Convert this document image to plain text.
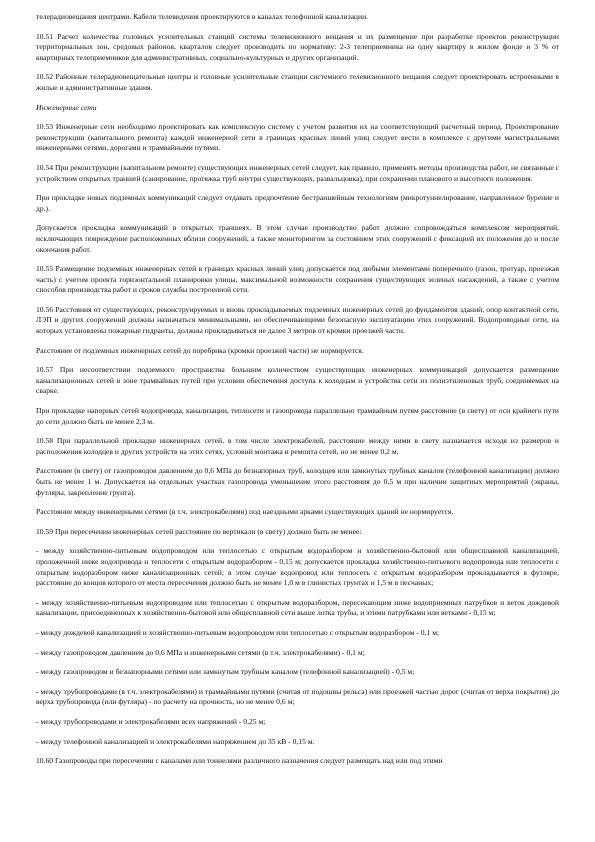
телерадиовещания центрами. Кабели телевидения проектируются в каналах телефонной канализации.

10.51 Расчет количества головных усилительных станций системы телевизионного вещания и их размещение при разработке проектов реконструкции территориальных зон, средовых районов, кварталов следует производить по нормативу: 2-3 телеприемника на одну квартиру в жилом фонде и 3 % от квартирных телеприемников для административных, социально-культурных и других организаций.

10.52 Районные телерадиовещательные центры и головные усилительные станции системного телевизионного вещания следует проектировать встроенными в жилые и административные здания.

Инженерные сети

10.53 Инженерные сети необходимо проектировать как комплексную систему с учетом развития их на соответствующий расчетный период. Проектирование реконструкции (капитального ремонта) каждой инженерной сети в границах красных линий улиц следует вести в комплексе с другими магистральными инженерными сетями, дорогами и трамвайными путями.

10.54 При реконструкции (капитальном ремонте) существующих инженерных сетей следует, как правило, применять методы производства работ, не связанные с устройством открытых траншей (санирование, протяжка труб внутри существующих, развальцовка), при сохранении планового и высотного положения.

При прокладке новых подземных коммуникаций следует отдавать предпочтение бестраншейным технологиям (микротуннелирование, направленное бурение и др.).

Допускается прокладка коммуникаций в открытых траншеях. В этом случае производство работ должно сопровождаться комплексом мероприятий, исключающих повреждение расположенных вблизи сооружений, а также мониторингом за состоянием этих сооружений с фиксацией их положения до и после окончания работ.

10.55 Размещение подземных инженерных сетей в границах красных линий улиц допускается под любыми элементами поперечного (газон, тротуар, проезжая часть) с учетом проекта горизонтальной планировки улицы, максимальной возможности сохранения существующих зеленых насаждений, а также с учетом способов производства работ и сроков службы построенной сети.

10.56 Расстояния от существующих, реконструируемых и вновь прокладываемых подземных инженерных сетей до фундаментов зданий, опор контактной сети, ЛЭП и других сооружений должны назначаться минимальными, но обеспечивающими безопасную эксплуатацию этих сооружений. Водопроводные сети, на которых установлены пожарные гидранты, должны прокладываться не далее 3 метров от кромки проезжей части.

Расстояние от подземных инженерных сетей до поребрика (кромки проезжей части) не нормируется.

10.57 При несоответствии подземного пространства большим количеством существующих инженерных коммуникаций допускается размещение канализационных сетей в зоне трамвайных путей при условии обеспечения доступа к колодцам и устройства сети из полиэтиленовых труб, соединяемых на сварке.

При прокладке напорных сетей водопровода, канализации, теплосети и газопровода параллельно трамвайным путям расстояние (в свету) от оси крайнего пути до сети должно быть не менее 2,3 м.

10.58 При параллельной прокладке инженерных сетей, в том числе электрокабелей, расстояние между ними в свету назначается исходя из размеров и расположения колодцев и других устройств на этих сетях, условий монтажа и ремонта сетей, но не менее 0,2 м.

Расстояние (в свету) от газопроводов давлением до 0,6 МПа до безнапорных труб, колодцев или замкнутых трубных каналов (телефонной канализации) должно быть не менее 1 м. Допускается на отдельных участках газопровода уменьшение этого расстояния до 0,5 м при наличии защитных мероприятий (экраны, футляры, закрепление грунта).

Расстояние между инженерными сетями (в т.ч. электрокабелями) под наездными арками существующих зданий не нормируется.

10.59 При пересечении инженерных сетей расстояние по вертикали (в свету) должно быть не менее:

- между хозяйственно-питьевым водопроводом или теплосетью с открытым водоразбором и хозяйственно-бытовой или общесплавной канализацией, проложенной ниже водопровода и теплосети с открытым водоразбором - 0,15 м; допускается прокладка хозяйственно-питьевого водопровода или теплосети с открытым водоразбором ниже канализационных сетей; в этом случае водопровод или теплосеть с открытым водоразбором прокладывается в футляре, расстояние до концов которого от места пересечения должно быть не менее 1,0 м в глинистых грунтах и 1,5 м в песчаных;

- между хозяйственно-питьевым водопроводом или теплосетью с открытым водоразбором, пересекающим ниже водоприемных патрубков и веток дождевой канализации, присоединенных к хозяйственно-бытовой или общесплавной сети выше лотка трубы, и этими патрубками или ветками - 0,15 м;

- между дождевой канализацией и хозяйственно-питьевым водопроводом или теплосетью с открытым водоразбором - 0,1 м;

- между газопроводом давлением до 0,6 МПа и инженерными сетями (в т.ч. электрокабелями) - 0,1 м;

- между газопроводом и безнапорными сетями или замкнутым трубным каналом (телефонной канализацией) - 0,5 м;

- между трубопроводами (в т.ч. электрокабелями) и трамвайными путями (считая от подошвы рельса) или проезжей частью дорог (считая от верха покрытия) до верха трубопровода (или футляра) - по расчету на прочность, но не менее 0,6 м;

- между трубопроводами и электрокабелями всех напряжений - 0,25 м;

- между телефонной канализацией и электрокабелями напряжением до 35 кВ - 0,15 м.

10.60 Газопроводы при пересечении с каналами или тоннелями различного назначения следует размещать над или под этими
